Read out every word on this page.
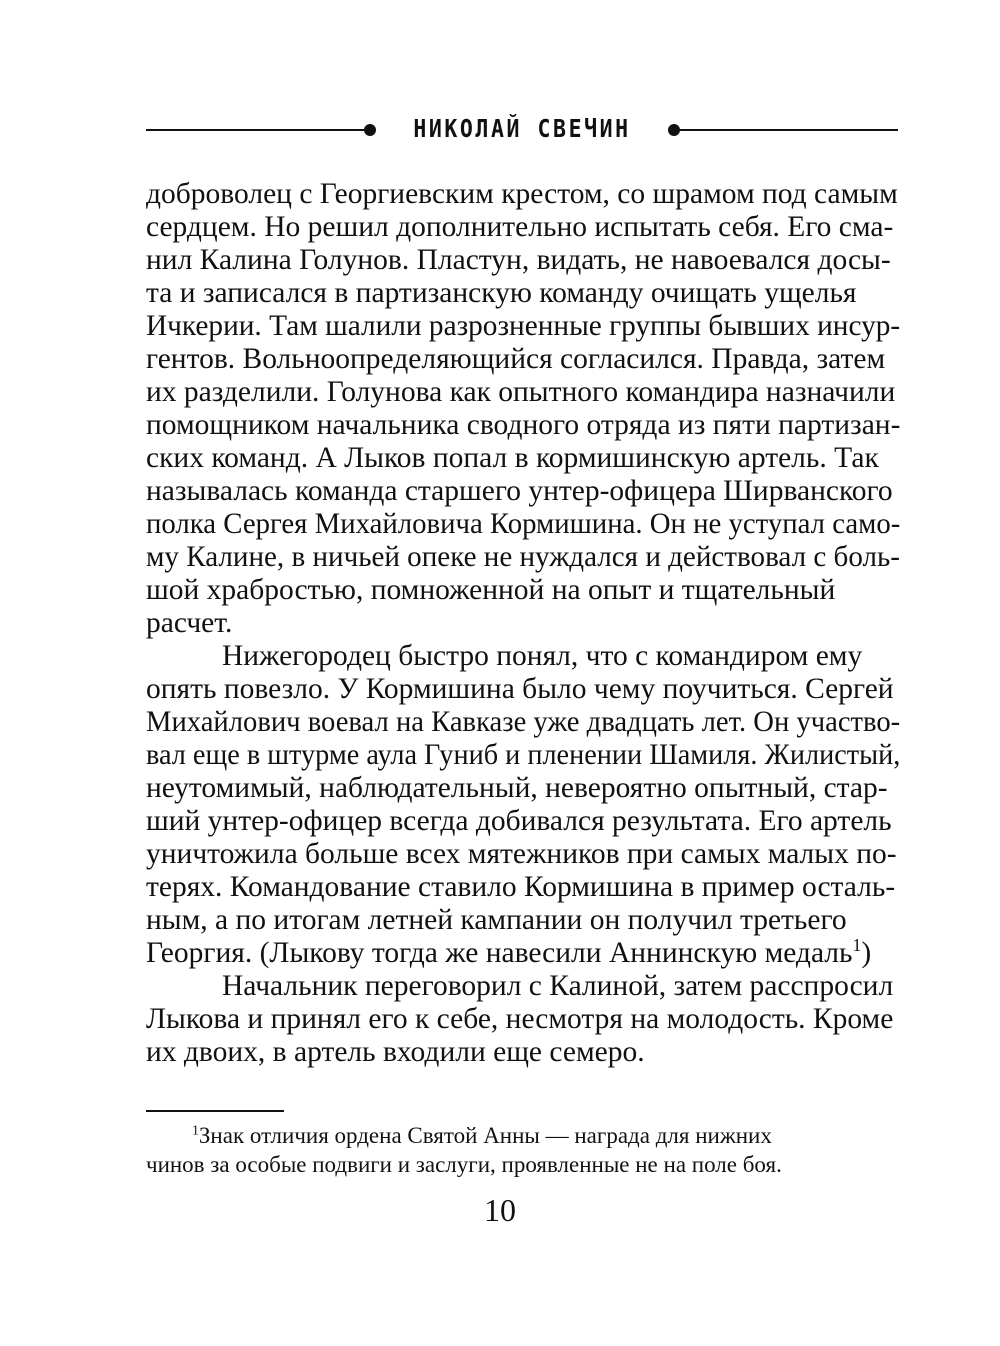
НИКОЛАЙ СВЕЧИН
доброволец с Георгиевским крестом, со шрамом под самым
сердцем. Но решил дополнительно испытать себя. Его сма-
нил Калина Голунов. Пластун, видать, не навоевался досы-
та и записался в партизанскую команду очищать ущелья
Ичкерии. Там шалили разрозненные группы бывших инсур-
гентов. Вольноопределяющийся согласился. Правда, затем
их разделили. Голунова как опытного командира назначили
помощником начальника сводного отряда из пяти партизан-
ских команд. А Лыков попал в кормишинскую артель. Так
называлась команда старшего унтер-офицера Ширванского
полка Сергея Михайловича Кормишина. Он не уступал само-
му Калине, в ничьей опеке не нуждался и действовал с боль-
шой храбростью, помноженной на опыт и тщательный
расчет.
Нижегородец быстро понял, что с командиром ему
опять повезло. У Кормишина было чему поучиться. Сергей
Михайлович воевал на Кавказе уже двадцать лет. Он участво-
вал еще в штурме аула Гуниб и пленении Шамиля. Жилистый,
неутомимый, наблюдательный, невероятно опытный, стар-
ший унтер-офицер всегда добивался результата. Его артель
уничтожила больше всех мятежников при самых малых по-
терях. Командование ставило Кормишина в пример осталь-
ным, а по итогам летней кампании он получил третьего
Георгия. (Лыкову тогда же навесили Аннинскую медаль$^1$)
Начальник переговорил с Калиной, затем расспросил
Лыкова и принял его к себе, несмотря на молодость. Кроме
их двоих, в артель входили еще семеро.
$^1$Знак отличия ордена Святой Анны — награда для нижних
чинов за особые подвиги и заслуги, проявленные не на поле боя.
10
